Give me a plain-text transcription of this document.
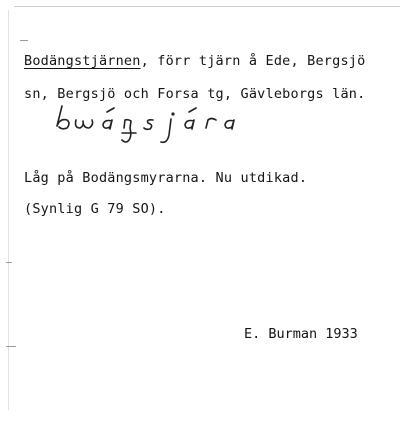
Bodängstjärnen, förr tjärn å Ede, Bergsjö
sn, Bergsjö och Forsa tg, Gävleborgs län.
Låg på Bodängsmyrarna. Nu utdikad.
(Synlig G 79 SO).
E. Burman 1933
